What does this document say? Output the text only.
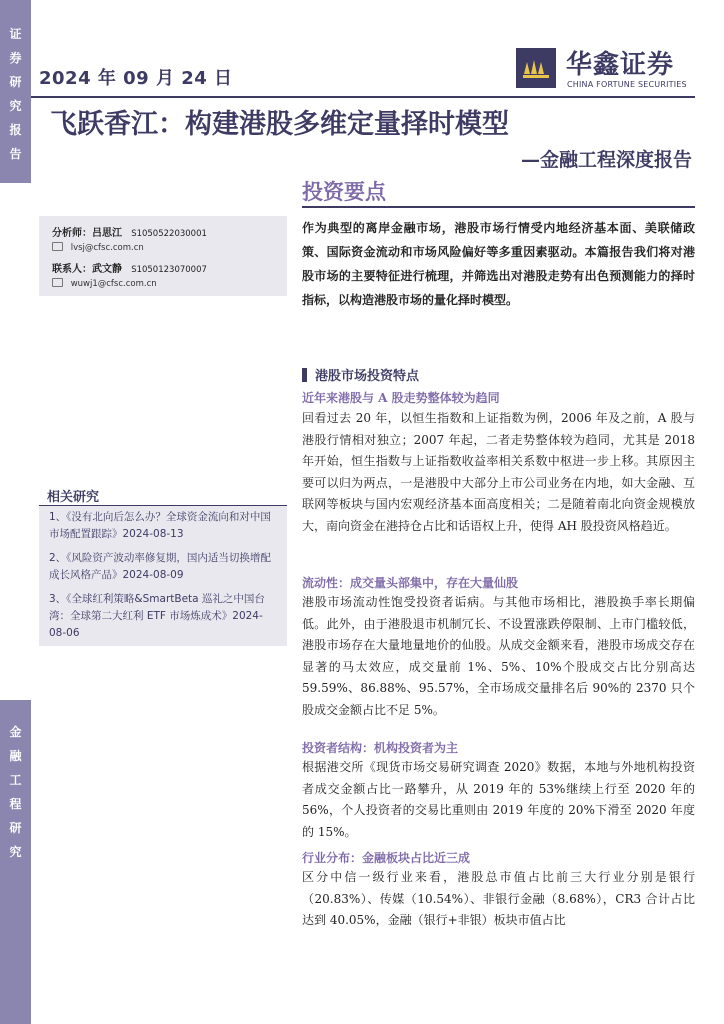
证
券
研
究
报
告
金
融
工
程
研
究
2024 年 09 月 24 日	华鑫证券
CHINA FORTUNE SECURITIES
飞跃香江：构建港股多维定量择时模型
—金融工程深度报告
投资要点
分析师：吕思江 S1050522030001
lvsj@cfsc.com.cn
联系人：武文静 S1050123070007
wuwj1@cfsc.com.cn
相关研究

1、《没有北向后怎么办？全球资金流向和对中国市场配置跟踪》2024-08-13

2、《风险资产波动率修复期，国内适当切换增配成长风格产品》2024-08-09

3、《全球红利策略&SmartBeta 巡礼之中国台湾：全球第二大红利 ETF 市场炼成术》2024-08-06

作为典型的离岸金融市场，港股市场行情受内地经济基本面、美联储政策、国际资金流动和市场风险偏好等多重因素驱动。本篇报告我们将对港股市场的主要特征进行梳理，并筛选出对港股走势有出色预测能力的择时指标，以构造港股市场的量化择时模型。
港股市场投资特点
近年来港股与 A 股走势整体较为趋同
回看过去 20 年，以恒生指数和上证指数为例，2006 年及之前，A 股与港股行情相对独立；2007 年起，二者走势整体较为趋同，尤其是 2018 年开始，恒生指数与上证指数收益率相关系数中枢进一步上移。其原因主要可以归为两点，一是港股中大部分上市公司业务在内地，如大金融、互联网等板块与国内宏观经济基本面高度相关；二是随着南北向资金规模放大，南向资金在港持仓占比和话语权上升，使得 AH 股投资风格趋近。
流动性：成交量头部集中，存在大量仙股
港股市场流动性饱受投资者诟病。与其他市场相比，港股换手率长期偏低。此外，由于港股退市机制冗长、不设置涨跌停限制、上市门槛较低，港股市场存在大量地量地价的仙股。从成交金额来看，港股市场成交存在显著的马太效应，成交量前 1%、5%、10%个股成交占比分别高达 59.59%、86.88%、95.57%，全市场成交量排名后 90%的 2370 只个股成交金额占比不足 5%。
投资者结构：机构投资者为主
根据港交所《现货市场交易研究调查 2020》数据，本地与外地机构投资者成交金额占比一路攀升，从 2019 年的 53%继续上行至 2020 年的 56%，个人投资者的交易比重则由 2019 年度的 20%下滑至 2020 年度的 15%。
行业分布：金融板块占比近三成
区分中信一级行业来看，港股总市值占比前三大行业分别是银行（20.83%）、传媒（10.54%）、非银行金融（8.68%），CR3 合计占比达到 40.05%，金融（银行+非银）板块市值占比
